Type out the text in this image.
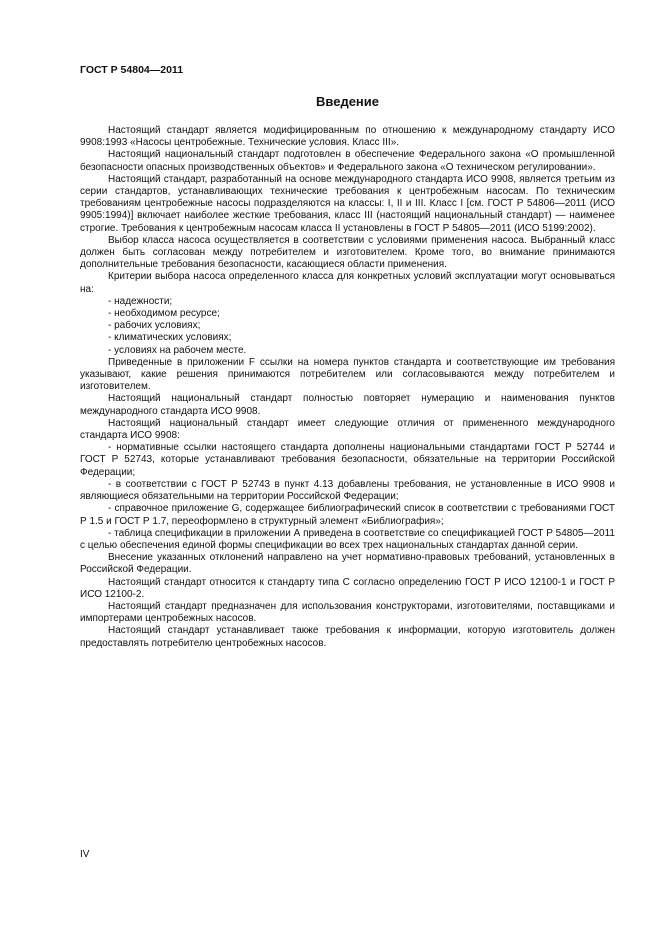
ГОСТ Р 54804—2011
Введение

Настоящий стандарт является модифицированным по отношению к международному стандарту ИСО 9908:1993 «Насосы центробежные. Технические условия. Класс III».

Настоящий национальный стандарт подготовлен в обеспечение Федерального закона «О промышленной безопасности опасных производственных объектов» и Федерального закона «О техническом регулировании».

Настоящий стандарт, разработанный на основе международного стандарта ИСО 9908, является третьим из серии стандартов, устанавливающих технические требования к центробежным насосам. По техническим требованиям центробежные насосы подразделяются на классы: I, II и III. Класс I [см. ГОСТ Р 54806—2011 (ИСО 9905:1994)] включает наиболее жесткие требования, класс III (настоящий национальный стандарт) — наименее строгие. Требования к центробежным насосам класса II установлены в ГОСТ Р 54805—2011 (ИСО 5199:2002).

Выбор класса насоса осуществляется в соответствии с условиями применения насоса. Выбранный класс должен быть согласован между потребителем и изготовителем. Кроме того, во внимание принимаются дополнительные требования безопасности, касающиеся области применения.

Критерии выбора насоса определенного класса для конкретных условий эксплуатации могут основываться на:

- надежности;

- необходимом ресурсе;

- рабочих условиях;

- климатических условиях;

- условиях на рабочем месте.

Приведенные в приложении F ссылки на номера пунктов стандарта и соответствующие им требования указывают, какие решения принимаются потребителем или согласовываются между потребителем и изготовителем.

Настоящий национальный стандарт полностью повторяет нумерацию и наименования пунктов международного стандарта ИСО 9908.

Настоящий национальный стандарт имеет следующие отличия от примененного международного стандарта ИСО 9908:

- нормативные ссылки настоящего стандарта дополнены национальными стандартами ГОСТ Р 52744 и ГОСТ Р 52743, которые устанавливают требования безопасности, обязательные на территории Российской Федерации;

- в соответствии с ГОСТ Р 52743 в пункт 4.13 добавлены требования, не установленные в ИСО 9908 и являющиеся обязательными на территории Российской Федерации;

- справочное приложение G, содержащее библиографический список в соответствии с требованиями ГОСТ Р 1.5 и ГОСТ Р 1.7, переоформлено в структурный элемент «Библиография»;

- таблица спецификации в приложении А приведена в соответствие со спецификацией ГОСТ Р 54805—2011 с целью обеспечения единой формы спецификации во всех трех национальных стандартах данной серии.

Внесение указанных отклонений направлено на учет нормативно-правовых требований, установленных в Российской Федерации.

Настоящий стандарт относится к стандарту типа С согласно определению ГОСТ Р ИСО 12100-1 и ГОСТ Р ИСО 12100-2.

Настоящий стандарт предназначен для использования конструкторами, изготовителями, поставщиками и импортерами центробежных насосов.

Настоящий стандарт устанавливает также требования к информации, которую изготовитель должен предоставлять потребителю центробежных насосов.

IV
